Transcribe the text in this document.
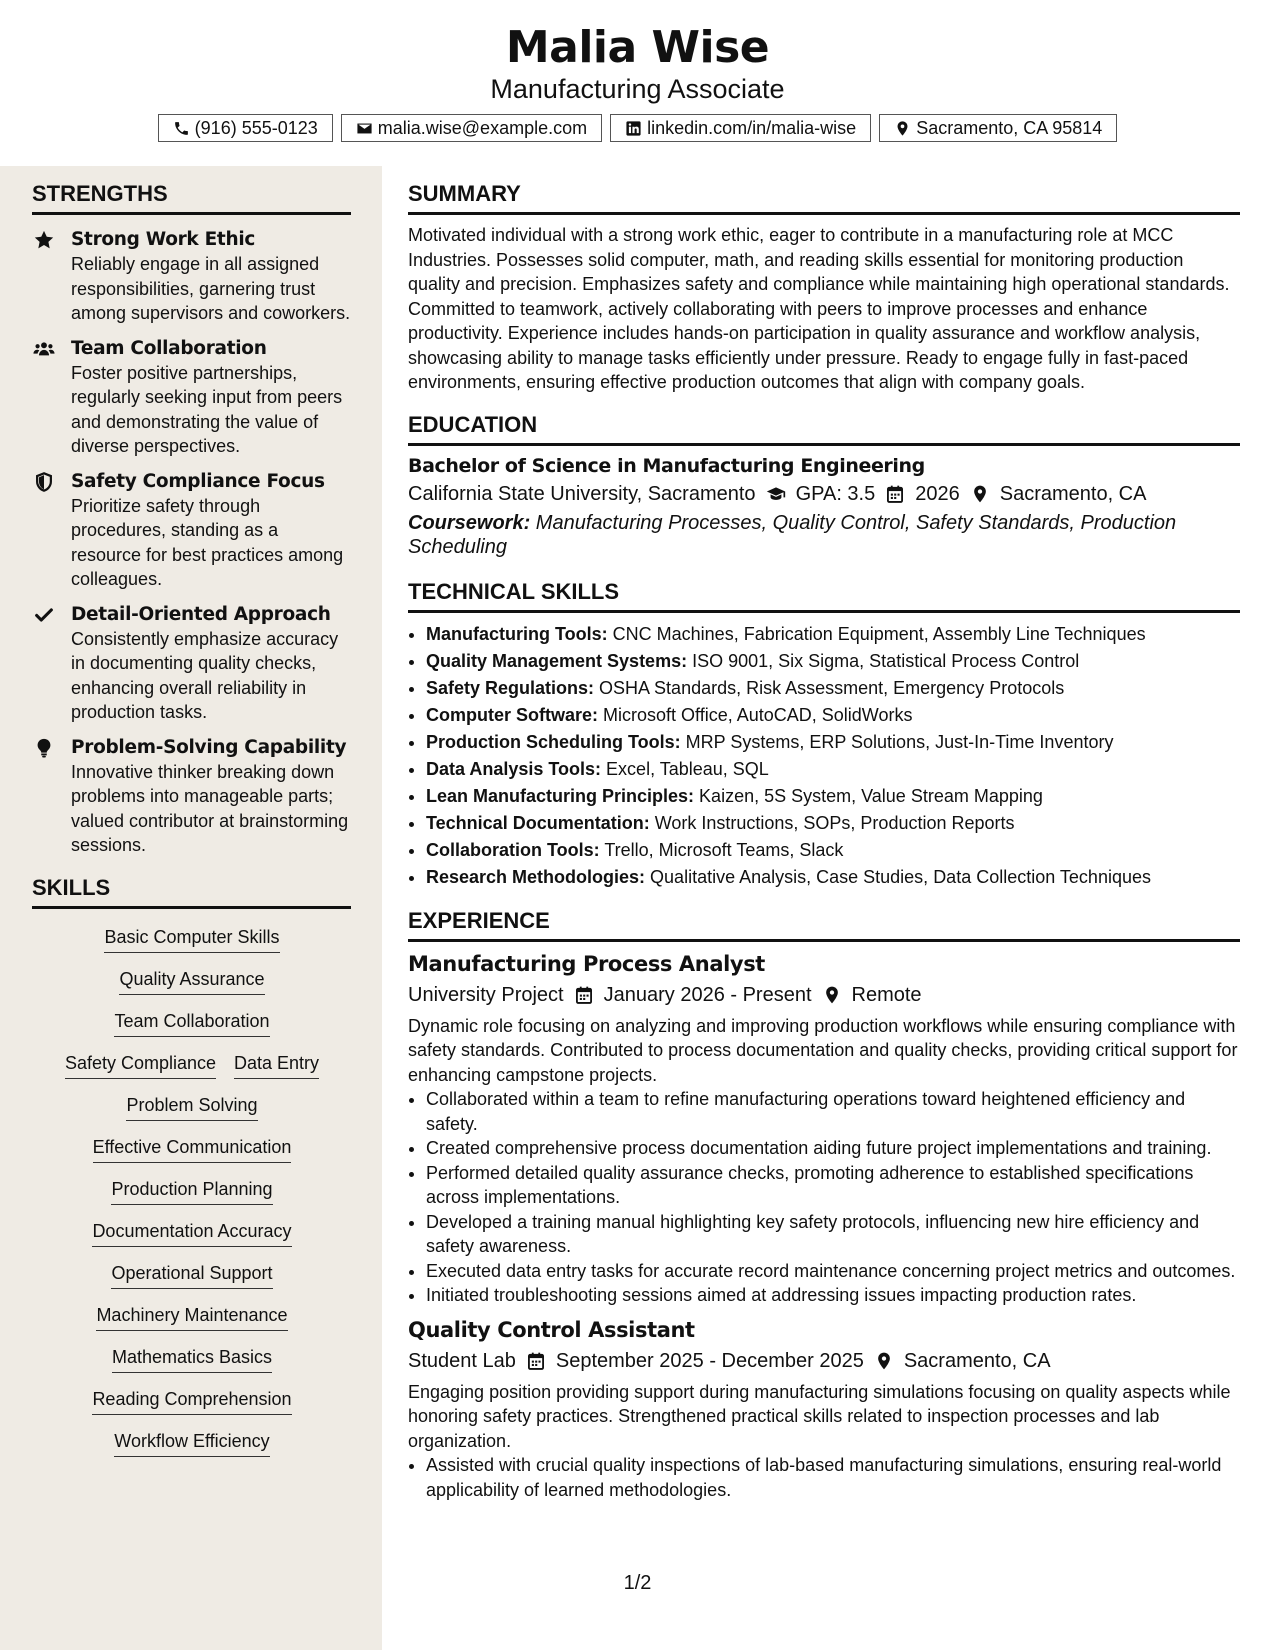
Malia Wise
Manufacturing Associate
(916) 555-0123	malia.wise@example.com	linkedin.com/in/malia-wise	Sacramento, CA 95814
STRENGTHS
Strong Work Ethic
Reliably engage in all assigned responsibilities, garnering trust among supervisors and coworkers.
Team Collaboration
Foster positive partnerships, regularly seeking input from peers and demonstrating the value of diverse perspectives.
Safety Compliance Focus
Prioritize safety through procedures, standing as a resource for best practices among colleagues.
Detail-Oriented Approach
Consistently emphasize accuracy in documenting quality checks, enhancing overall reliability in production tasks.
Problem-Solving Capability
Innovative thinker breaking down problems into manageable parts; valued contributor at brainstorming sessions.
SKILLS
Basic Computer Skills
Quality Assurance
Team Collaboration
Safety Compliance Data Entry
Problem Solving
Effective Communication
Production Planning
Documentation Accuracy
Operational Support
Machinery Maintenance
Mathematics Basics
Reading Comprehension
Workflow Efficiency
SUMMARY
Motivated individual with a strong work ethic, eager to contribute in a manufacturing role at MCC Industries. Possesses solid computer, math, and reading skills essential for monitoring production quality and precision. Emphasizes safety and compliance while maintaining high operational standards. Committed to teamwork, actively collaborating with peers to improve processes and enhance productivity. Experience includes hands-on participation in quality assurance and workflow analysis, showcasing ability to manage tasks efficiently under pressure. Ready to engage fully in fast-paced environments, ensuring effective production outcomes that align with company goals.
EDUCATION
Bachelor of Science in Manufacturing Engineering
California State University, Sacramento GPA: 3.5 2026 Sacramento, CA
Coursework: Manufacturing Processes, Quality Control, Safety Standards, Production Scheduling
TECHNICAL SKILLS
• Manufacturing Tools: CNC Machines, Fabrication Equipment, Assembly Line Techniques
• Quality Management Systems: ISO 9001, Six Sigma, Statistical Process Control
• Safety Regulations: OSHA Standards, Risk Assessment, Emergency Protocols
• Computer Software: Microsoft Office, AutoCAD, SolidWorks
• Production Scheduling Tools: MRP Systems, ERP Solutions, Just-In-Time Inventory
• Data Analysis Tools: Excel, Tableau, SQL
• Lean Manufacturing Principles: Kaizen, 5S System, Value Stream Mapping
• Technical Documentation: Work Instructions, SOPs, Production Reports
• Collaboration Tools: Trello, Microsoft Teams, Slack
• Research Methodologies: Qualitative Analysis, Case Studies, Data Collection Techniques
EXPERIENCE
Manufacturing Process Analyst
University Project January 2026 - Present Remote
Dynamic role focusing on analyzing and improving production workflows while ensuring compliance with safety standards. Contributed to process documentation and quality checks, providing critical support for enhancing campstone projects.
• Collaborated within a team to refine manufacturing operations toward heightened efficiency and safety.
• Created comprehensive process documentation aiding future project implementations and training.
• Performed detailed quality assurance checks, promoting adherence to established specifications across implementations.
• Developed a training manual highlighting key safety protocols, influencing new hire efficiency and safety awareness.
• Executed data entry tasks for accurate record maintenance concerning project metrics and outcomes.
• Initiated troubleshooting sessions aimed at addressing issues impacting production rates.
Quality Control Assistant
Student Lab September 2025 - December 2025 Sacramento, CA
Engaging position providing support during manufacturing simulations focusing on quality aspects while honoring safety practices. Strengthened practical skills related to inspection processes and lab organization.
• Assisted with crucial quality inspections of lab-based manufacturing simulations, ensuring real-world applicability of learned methodologies.
1/2
